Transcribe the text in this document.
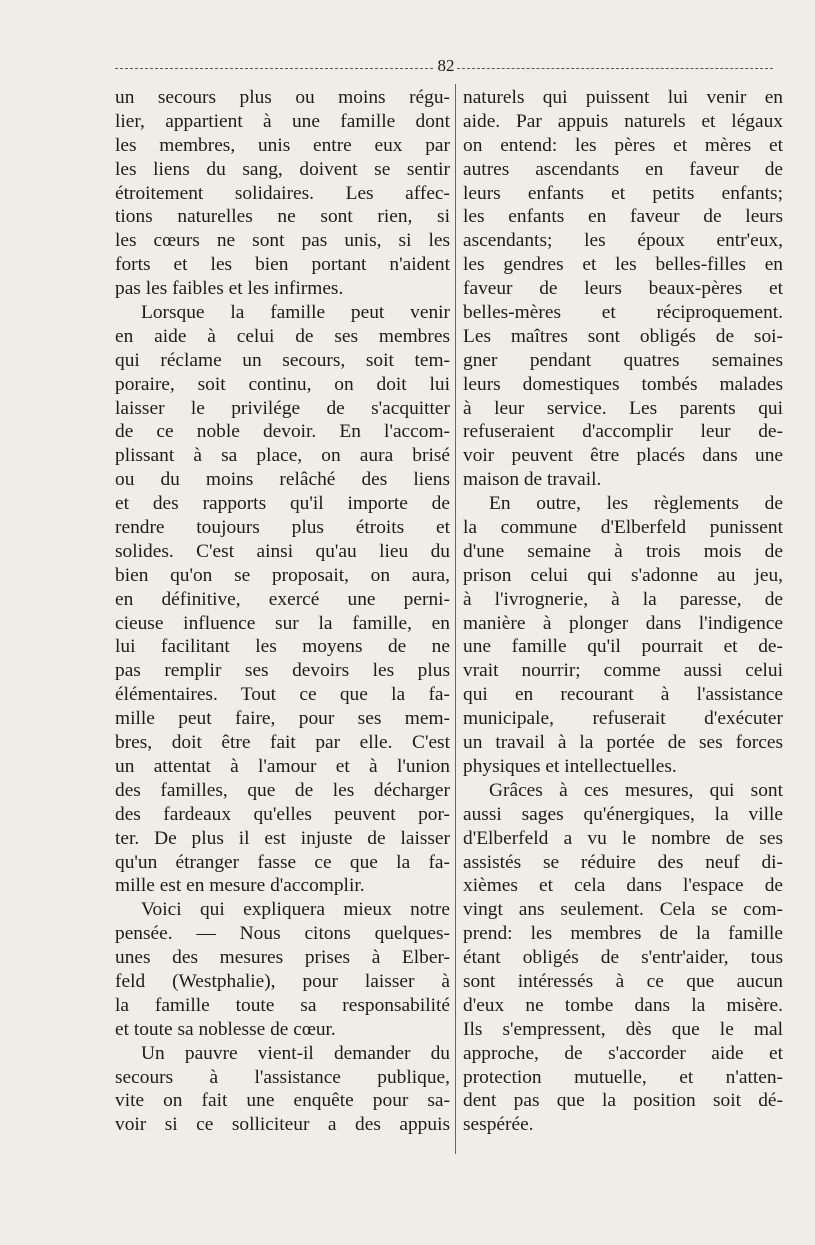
82
un secours plus ou moins régu-
lier, appartient à une famille dont
les membres, unis entre eux par
les liens du sang, doivent se sentir
étroitement solidaires. Les affec-
tions naturelles ne sont rien, si
les cœurs ne sont pas unis, si les
forts et les bien portant n'aident
pas les faibles et les infirmes.
Lorsque la famille peut venir
en aide à celui de ses membres
qui réclame un secours, soit tem-
poraire, soit continu, on doit lui
laisser le privilége de s'acquitter
de ce noble devoir. En l'accom-
plissant à sa place, on aura brisé
ou du moins relâché des liens
et des rapports qu'il importe de
rendre toujours plus étroits et
solides. C'est ainsi qu'au lieu du
bien qu'on se proposait, on aura,
en définitive, exercé une perni-
cieuse influence sur la famille, en
lui facilitant les moyens de ne
pas remplir ses devoirs les plus
élémentaires. Tout ce que la fa-
mille peut faire, pour ses mem-
bres, doit être fait par elle. C'est
un attentat à l'amour et à l'union
des familles, que de les décharger
des fardeaux qu'elles peuvent por-
ter. De plus il est injuste de laisser
qu'un étranger fasse ce que la fa-
mille est en mesure d'accomplir.
Voici qui expliquera mieux notre
pensée. — Nous citons quelques-
unes des mesures prises à Elber-
feld (Westphalie), pour laisser à
la famille toute sa responsabilité
et toute sa noblesse de cœur.
Un pauvre vient-il demander du
secours à l'assistance publique,
vite on fait une enquête pour sa-
voir si ce solliciteur a des appuis
naturels qui puissent lui venir en
aide. Par appuis naturels et légaux
on entend: les pères et mères et
autres ascendants en faveur de
leurs enfants et petits enfants;
les enfants en faveur de leurs
ascendants; les époux entr'eux,
les gendres et les belles-filles en
faveur de leurs beaux-pères et
belles-mères et réciproquement.
Les maîtres sont obligés de soi-
gner pendant quatres semaines
leurs domestiques tombés malades
à leur service. Les parents qui
refuseraient d'accomplir leur de-
voir peuvent être placés dans une
maison de travail.
En outre, les règlements de
la commune d'Elberfeld punissent
d'une semaine à trois mois de
prison celui qui s'adonne au jeu,
à l'ivrognerie, à la paresse, de
manière à plonger dans l'indigence
une famille qu'il pourrait et de-
vrait nourrir; comme aussi celui
qui en recourant à l'assistance
municipale, refuserait d'exécuter
un travail à la portée de ses forces
physiques et intellectuelles.
Grâces à ces mesures, qui sont
aussi sages qu'énergiques, la ville
d'Elberfeld a vu le nombre de ses
assistés se réduire des neuf di-
xièmes et cela dans l'espace de
vingt ans seulement. Cela se com-
prend: les membres de la famille
étant obligés de s'entr'aider, tous
sont intéressés à ce que aucun
d'eux ne tombe dans la misère.
Ils s'empressent, dès que le mal
approche, de s'accorder aide et
protection mutuelle, et n'atten-
dent pas que la position soit dé-
sespérée.
